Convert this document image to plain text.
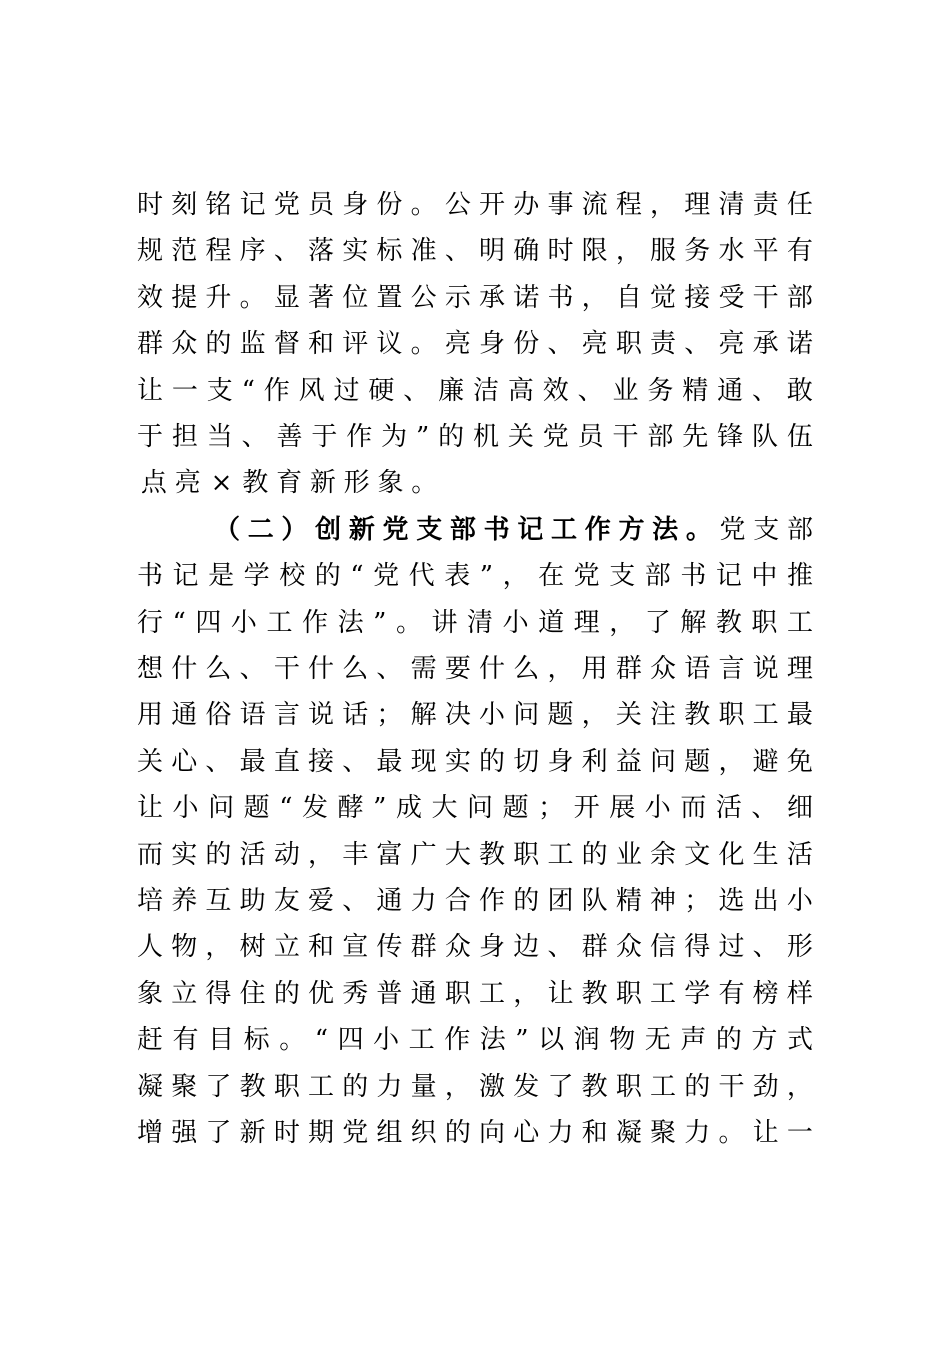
时 刻 铭 记 党 员 身 份 。 公 开 办 事 流 程 ， 理 清 责 任
规 范 程 序 、 落 实 标 准 、 明 确 时 限 ， 服 务 水 平 有
效 提 升 。 显 著 位 置 公 示 承 诺 书 ， 自 觉 接 受 干 部
群 众 的 监 督 和 评 议 。 亮 身 份 、 亮 职 责 、 亮 承 诺
让 一 支 “ 作 风 过 硬 、 廉 洁 高 效 、 业 务 精 通 、 敢
于 担 当 、 善 于 作 为 ” 的 机 关 党 员 干 部 先 锋 队 伍
点 亮 × 教 育 新 形 象 。
（ 二 ） 创 新 党 支 部 书 记 工 作 方 法 。 党 支 部
书 记 是 学 校 的 “ 党 代 表 ” ， 在 党 支 部 书 记 中 推
行 “ 四 小 工 作 法 ” 。 讲 清 小 道 理 ， 了 解 教 职 工
想 什 么 、 干 什 么 、 需 要 什 么 ， 用 群 众 语 言 说 理
用 通 俗 语 言 说 话 ； 解 决 小 问 题 ， 关 注 教 职 工 最
关 心 、 最 直 接 、 最 现 实 的 切 身 利 益 问 题 ， 避 免
让 小 问 题 “ 发 酵 ” 成 大 问 题 ； 开 展 小 而 活 、 细
而 实 的 活 动 ， 丰 富 广 大 教 职 工 的 业 余 文 化 生 活
培 养 互 助 友 爱 、 通 力 合 作 的 团 队 精 神 ； 选 出 小
人 物 ， 树 立 和 宣 传 群 众 身 边 、 群 众 信 得 过 、 形
象 立 得 住 的 优 秀 普 通 职 工 ， 让 教 职 工 学 有 榜 样
赶 有 目 标 。 “ 四 小 工 作 法 ” 以 润 物 无 声 的 方 式
凝 聚 了 教 职 工 的 力 量 ， 激 发 了 教 职 工 的 干 劲 ，
增 强 了 新 时 期 党 组 织 的 向 心 力 和 凝 聚 力 。 让 一
